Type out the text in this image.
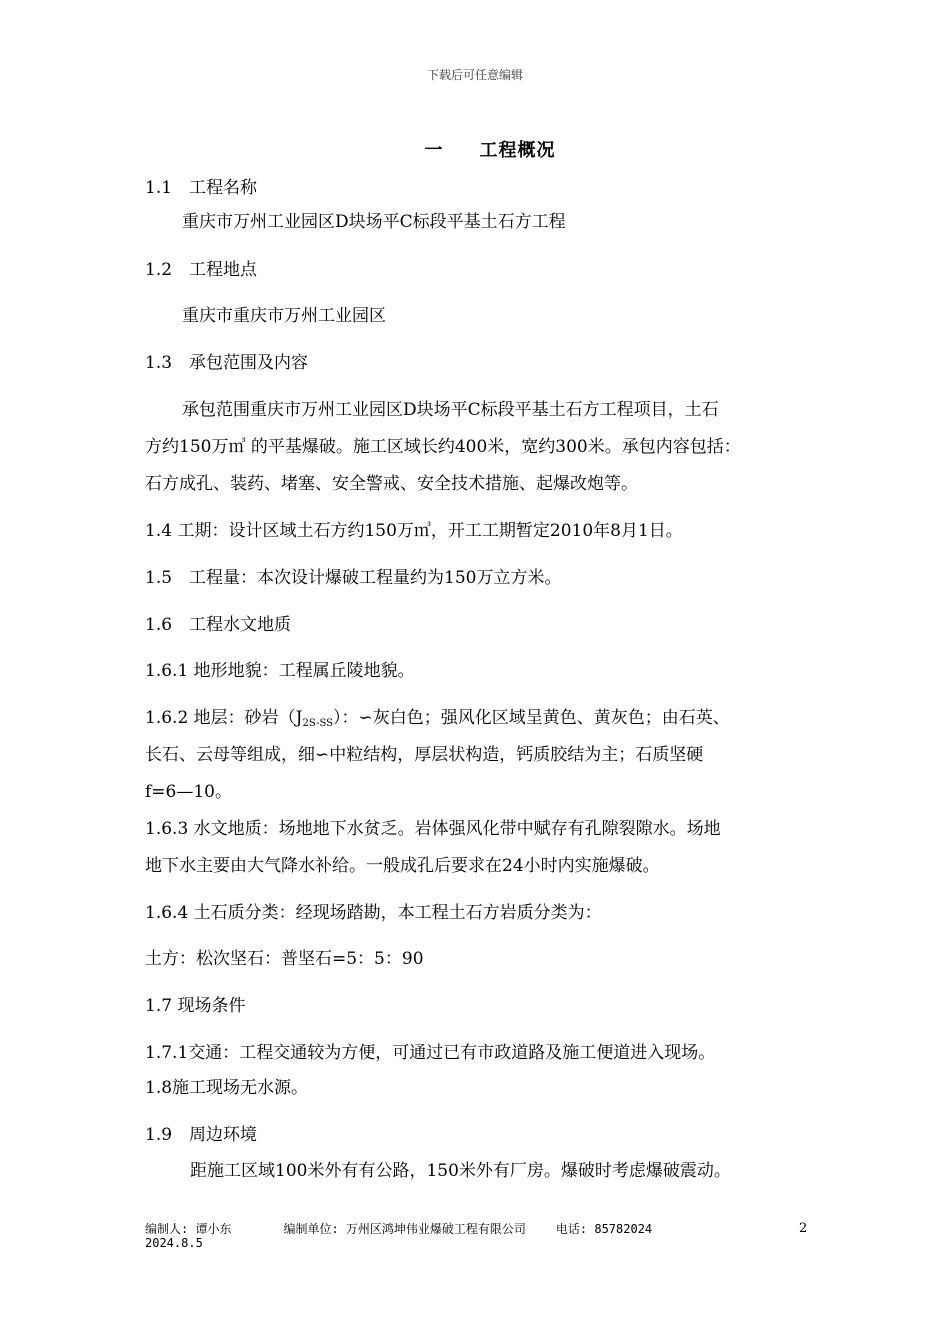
下载后可任意编辑
一 工程概况
1.1　工程名称
重庆市万州工业园区D块场平C标段平基土石方工程
1.2　工程地点
重庆市重庆市万州工业园区
1.3　承包范围及内容
承包范围重庆市万州工业园区D块场平C标段平基土石方工程项目，土石
方约150万㎥ 的平基爆破。施工区域长约400米，宽约300米。承包内容包括：
石方成孔、装药、堵塞、安全警戒、安全技术措施、起爆改炮等。
1.4 工期：设计区域土石方约150万㎥，开工工期暂定2010年8月1日。
1.5　工程量：本次设计爆破工程量约为150万立方米。
1.6　工程水文地质
1.6.1 地形地貌：工程属丘陵地貌。
1.6.2 地层：砂岩$(J_{2S-SS})$：∽灰白色；强风化区域呈黄色、黄灰色；由石英、
长石、云母等组成，细∽中粒结构，厚层状构造，钙质胶结为主；石质坚硬
f=6—10。
1.6.3 水文地质：场地地下水贫乏。岩体强风化带中赋存有孔隙裂隙水。场地
地下水主要由大气降水补给。一般成孔后要求在24小时内实施爆破。
1.6.4 土石质分类：经现场踏勘，本工程土石方岩质分类为：
土方：松次坚石：普坚石=5：5：90
1.7 现场条件
1.7.1交通：工程交通较为方便，可通过已有市政道路及施工便道进入现场。
1.8施工现场无水源。
1.9　周边环境
距施工区域100米外有有公路，150米外有厂房。爆破时考虑爆破震动。
编制人: 谭小东	编制单位: 万州区鸿坤伟业爆破工程有限公司	电话: 85782024
2024.8.5
2
